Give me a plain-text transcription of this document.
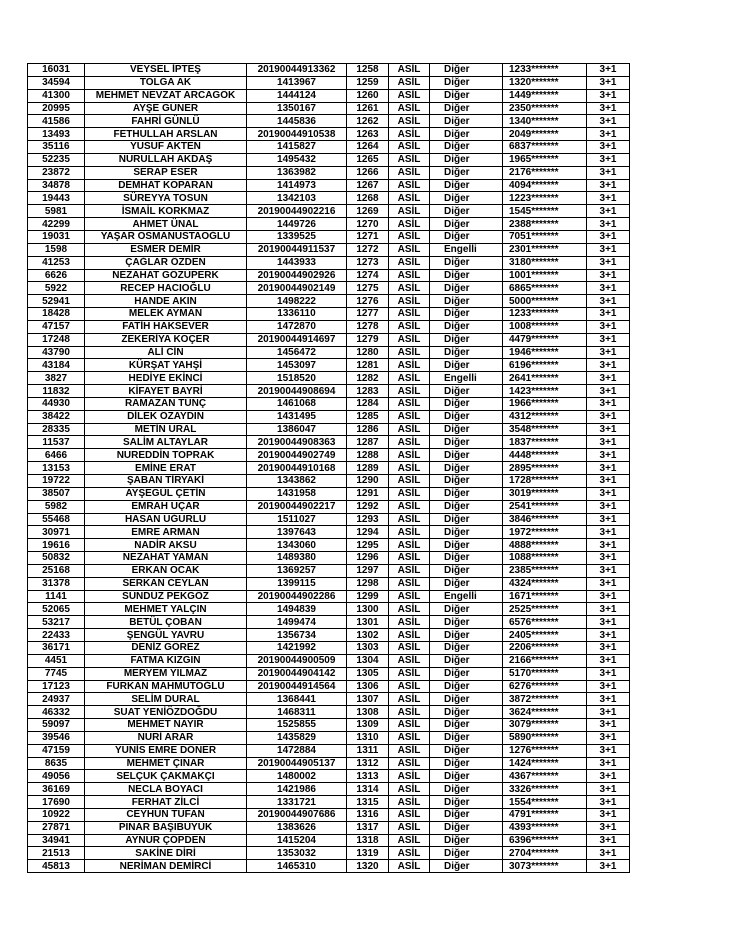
16031	VEYSEL İPTEŞ	20190044913362	1258	ASİL	Diğer	1233*******	3+1
34594	TOLGA AK	1413967	1259	ASİL	Diğer	1320*******	3+1
41300	MEHMET NEVZAT ARCAGÖK	1444124	1260	ASİL	Diğer	1449*******	3+1
20995	AYŞE GÜNER	1350167	1261	ASİL	Diğer	2350*******	3+1
41586	FAHRİ GÜNLÜ	1445836	1262	ASİL	Diğer	1340*******	3+1
13493	FETHULLAH ARSLAN	20190044910538	1263	ASİL	Diğer	2049*******	3+1
35116	YUSUF AKTEN	1415827	1264	ASİL	Diğer	6837*******	3+1
52235	NURULLAH AKDAŞ	1495432	1265	ASİL	Diğer	1965*******	3+1
23872	SERAP ESER	1363982	1266	ASİL	Diğer	2176*******	3+1
34878	DEMHAT KOPARAN	1414973	1267	ASİL	Diğer	4094*******	3+1
19443	SÜREYYA TOSUN	1342103	1268	ASİL	Diğer	1223*******	3+1
5981	İSMAİL KORKMAZ	20190044902216	1269	ASİL	Diğer	1545*******	3+1
42299	AHMET ÜNAL	1449726	1270	ASİL	Diğer	2388*******	3+1
19031	YAŞAR OSMANUSTAOĞLU	1339525	1271	ASİL	Diğer	7051*******	3+1
1598	ESMER DEMİR	20190044911537	1272	ASİL	Engelli	2301*******	3+1
41253	ÇAĞLAR ÖZDEN	1443933	1273	ASİL	Diğer	3180*******	3+1
6626	NEZAHAT GÖZÜPERK	20190044902926	1274	ASİL	Diğer	1001*******	3+1
5922	RECEP HACIOĞLU	20190044902149	1275	ASİL	Diğer	6865*******	3+1
52941	HANDE AKIN	1498222	1276	ASİL	Diğer	5000*******	3+1
18428	MELEK AYMAN	1336110	1277	ASİL	Diğer	1233*******	3+1
47157	FATİH HAKSEVER	1472870	1278	ASİL	Diğer	1008*******	3+1
17248	ZEKERİYA KOÇER	20190044914697	1279	ASİL	Diğer	4479*******	3+1
43790	ALİ CİN	1456472	1280	ASİL	Diğer	1946*******	3+1
43184	KÜRŞAT YAHŞİ	1453097	1281	ASİL	Diğer	6196*******	3+1
3827	HEDİYE EKİNCİ	1518520	1282	ASİL	Engelli	2641*******	3+1
11832	KİFAYET BAYRİ	20190044908694	1283	ASİL	Diğer	1423*******	3+1
44930	RAMAZAN TUNÇ	1461068	1284	ASİL	Diğer	1966*******	3+1
38422	DİLEK ÖZAYDIN	1431495	1285	ASİL	Diğer	4312*******	3+1
28335	METİN URAL	1386047	1286	ASİL	Diğer	3548*******	3+1
11537	SALİM ALTAYLAR	20190044908363	1287	ASİL	Diğer	1837*******	3+1
6466	NUREDDİN TOPRAK	20190044902749	1288	ASİL	Diğer	4448*******	3+1
13153	EMİNE ERAT	20190044910168	1289	ASİL	Diğer	2895*******	3+1
19722	ŞABAN TİRYAKİ	1343862	1290	ASİL	Diğer	1728*******	3+1
38507	AYŞEGÜL ÇETİN	1431958	1291	ASİL	Diğer	3019*******	3+1
5982	EMRAH UÇAR	20190044902217	1292	ASİL	Diğer	2541*******	3+1
55468	HASAN UĞURLU	1511027	1293	ASİL	Diğer	3846*******	3+1
30971	EMRE ARMAN	1397643	1294	ASİL	Diğer	1972*******	3+1
19616	NADİR AKSU	1343060	1295	ASİL	Diğer	4888*******	3+1
50832	NEZAHAT YAMAN	1489380	1296	ASİL	Diğer	1088*******	3+1
25168	ERKAN OCAK	1369257	1297	ASİL	Diğer	2385*******	3+1
31378	SERKAN CEYLAN	1399115	1298	ASİL	Diğer	4324*******	3+1
1141	SÜNDÜZ PEKGÖZ	20190044902286	1299	ASİL	Engelli	1671*******	3+1
52065	MEHMET YALÇIN	1494839	1300	ASİL	Diğer	2525*******	3+1
53217	BETÜL ÇOBAN	1499474	1301	ASİL	Diğer	6576*******	3+1
22433	ŞENGÜL YAVRU	1356734	1302	ASİL	Diğer	2405*******	3+1
36171	DENİZ GÖREZ	1421992	1303	ASİL	Diğer	2206*******	3+1
4451	FATMA KIZGIN	20190044900509	1304	ASİL	Diğer	2166*******	3+1
7745	MERYEM YILMAZ	20190044904142	1305	ASİL	Diğer	5170*******	3+1
17123	FURKAN MAHMUTOĞLU	20190044914564	1306	ASİL	Diğer	6276*******	3+1
24937	SELİM DURAL	1368441	1307	ASİL	Diğer	3872*******	3+1
46332	SUAT YENİÖZDOĞDU	1468311	1308	ASİL	Diğer	3624*******	3+1
59097	MEHMET NAYIR	1525855	1309	ASİL	Diğer	3079*******	3+1
39546	NURİ ARAR	1435829	1310	ASİL	Diğer	5890*******	3+1
47159	YUNİS EMRE DÖNER	1472884	1311	ASİL	Diğer	1276*******	3+1
8635	MEHMET ÇINAR	20190044905137	1312	ASİL	Diğer	1424*******	3+1
49056	SELÇUK ÇAKMAKÇI	1480002	1313	ASİL	Diğer	4367*******	3+1
36169	NECLA BOYACI	1421986	1314	ASİL	Diğer	3326*******	3+1
17690	FERHAT ZİLCİ	1331721	1315	ASİL	Diğer	1554*******	3+1
10922	CEYHUN TUFAN	20190044907686	1316	ASİL	Diğer	4791*******	3+1
27871	PINAR BAŞIBÜYÜK	1383626	1317	ASİL	Diğer	4393*******	3+1
34941	AYNUR ÇÖPDEN	1415204	1318	ASİL	Diğer	6396*******	3+1
21513	SAKİNE DİRİ	1353032	1319	ASİL	Diğer	2704*******	3+1
45813	NERİMAN DEMİRCİ	1465310	1320	ASİL	Diğer	3073*******	3+1
